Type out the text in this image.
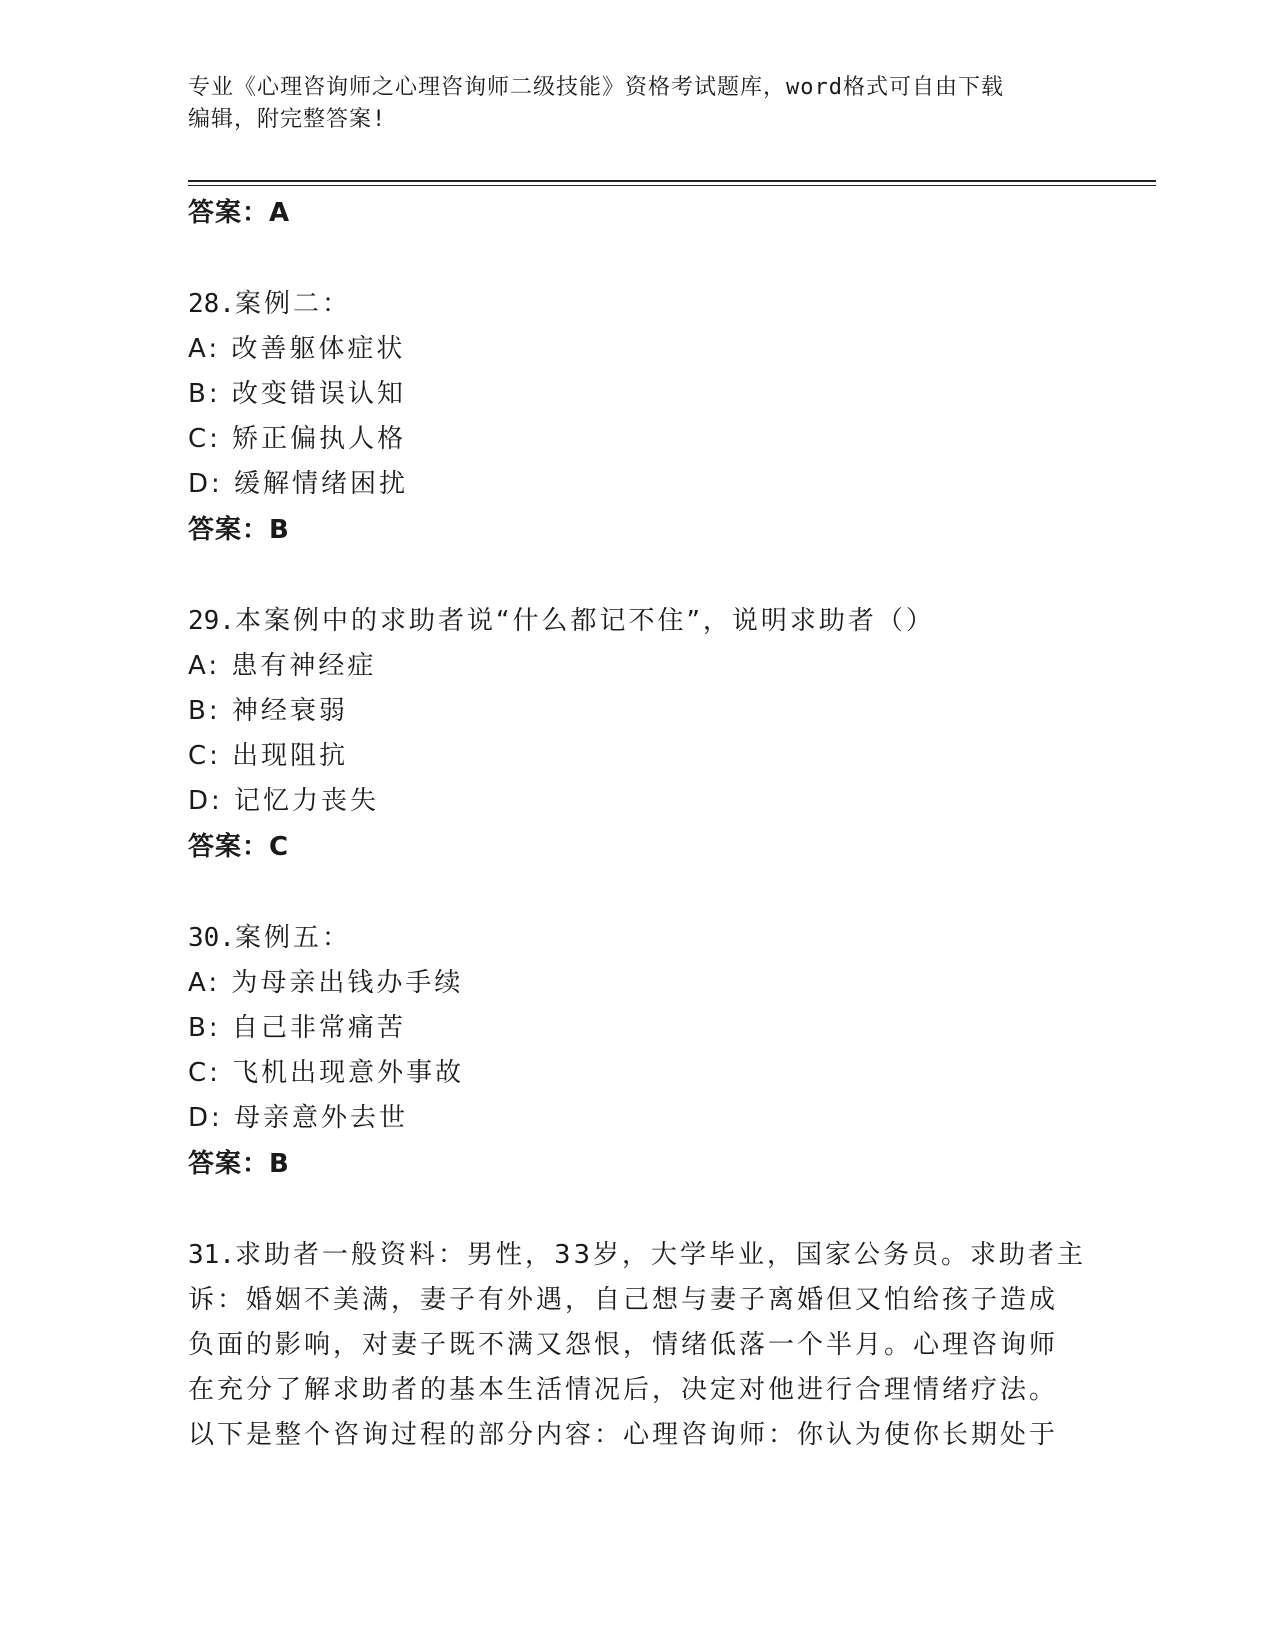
专业《心理咨询师之心理咨询师二级技能》资格考试题库，word格式可自由下载
编辑，附完整答案!
答案：A
28.案例二：
A: 改善躯体症状
B: 改变错误认知
C: 矫正偏执人格
D: 缓解情绪困扰
答案：B
29.本案例中的求助者说“什么都记不住”，说明求助者（）
A: 患有神经症
B: 神经衰弱
C: 出现阻抗
D: 记忆力丧失
答案：C
30.案例五：
A: 为母亲出钱办手续
B: 自己非常痛苦
C: 飞机出现意外事故
D: 母亲意外去世
答案：B
31.求助者一般资料：男性，33岁，大学毕业，国家公务员。求助者主
诉：婚姻不美满，妻子有外遇，自己想与妻子离婚但又怕给孩子造成
负面的影响，对妻子既不满又怨恨，情绪低落一个半月。心理咨询师
在充分了解求助者的基本生活情况后，决定对他进行合理情绪疗法。
以下是整个咨询过程的部分内容：心理咨询师：你认为使你长期处于
